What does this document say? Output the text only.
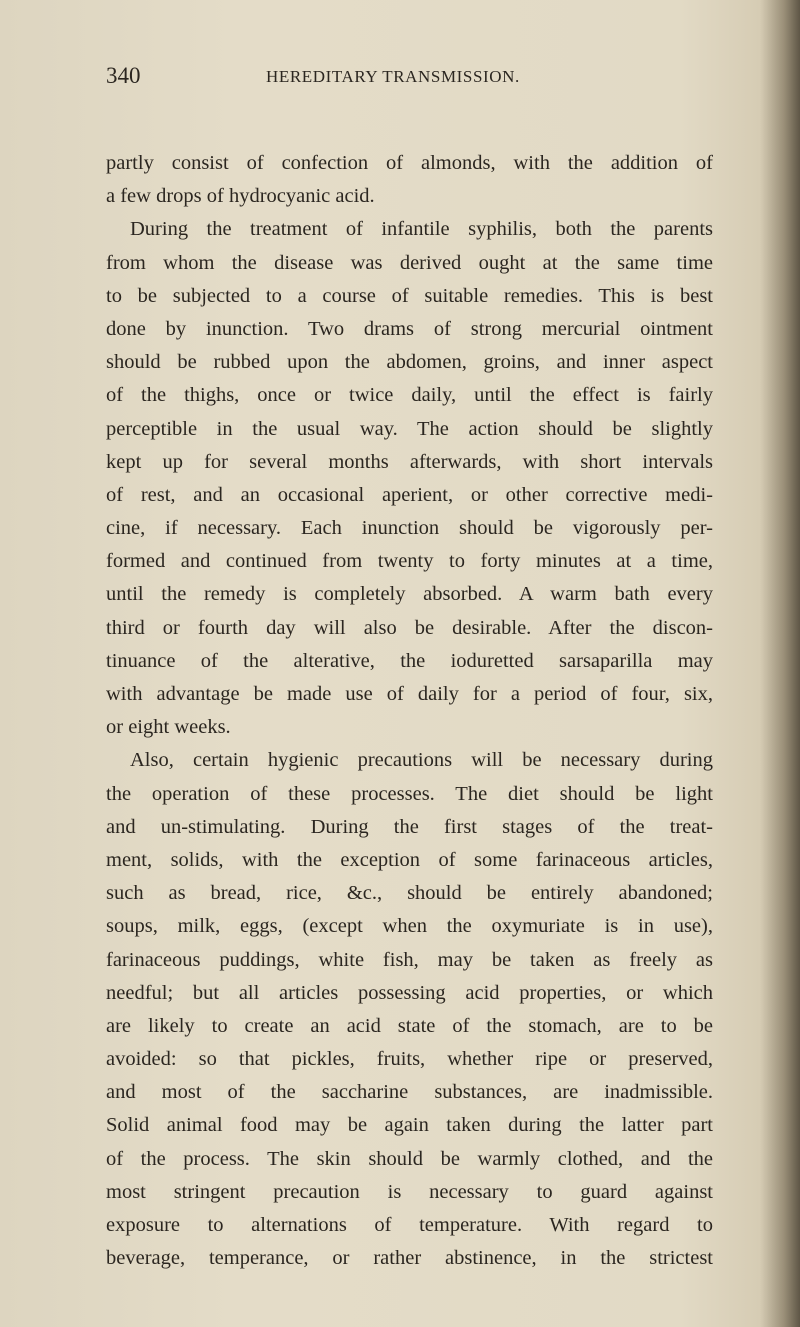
340	HEREDITARY TRANSMISSION.
partly consist of confection of almonds, with the addition of
a few drops of hydrocyanic acid.
During the treatment of infantile syphilis, both the parents
from whom the disease was derived ought at the same time
to be subjected to a course of suitable remedies. This is best
done by inunction. Two drams of strong mercurial ointment
should be rubbed upon the abdomen, groins, and inner aspect
of the thighs, once or twice daily, until the effect is fairly
perceptible in the usual way. The action should be slightly
kept up for several months afterwards, with short intervals
of rest, and an occasional aperient, or other corrective medi-
cine, if necessary. Each inunction should be vigorously per-
formed and continued from twenty to forty minutes at a time,
until the remedy is completely absorbed. A warm bath every
third or fourth day will also be desirable. After the discon-
tinuance of the alterative, the ioduretted sarsaparilla may
with advantage be made use of daily for a period of four, six,
or eight weeks.
Also, certain hygienic precautions will be necessary during
the operation of these processes. The diet should be light
and un-stimulating. During the first stages of the treat-
ment, solids, with the exception of some farinaceous articles,
such as bread, rice, &c., should be entirely abandoned;
soups, milk, eggs, (except when the oxymuriate is in use),
farinaceous puddings, white fish, may be taken as freely as
needful; but all articles possessing acid properties, or which
are likely to create an acid state of the stomach, are to be
avoided: so that pickles, fruits, whether ripe or preserved,
and most of the saccharine substances, are inadmissible.
Solid animal food may be again taken during the latter part
of the process. The skin should be warmly clothed, and the
most stringent precaution is necessary to guard against
exposure to alternations of temperature. With regard to
beverage, temperance, or rather abstinence, in the strictest
